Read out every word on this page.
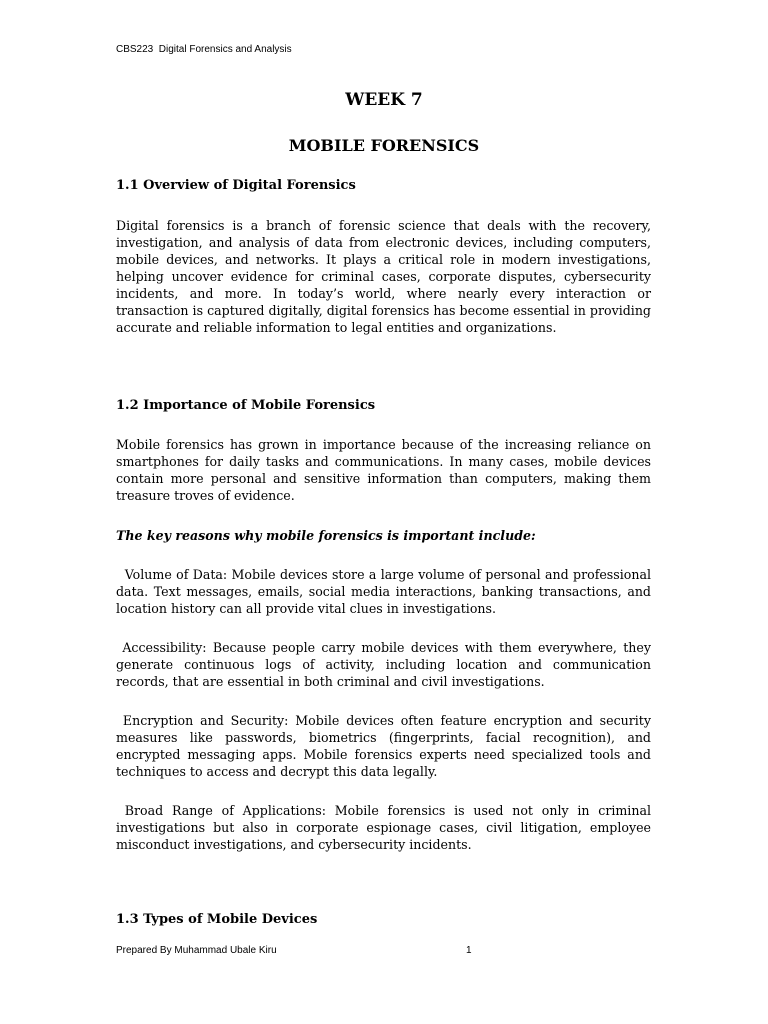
CBS223  Digital Forensics and Analysis
WEEK 7
MOBILE FORENSICS
1.1 Overview of Digital Forensics

Digital forensics is a branch of forensic science that deals with the recovery, investigation, and analysis of data from electronic devices, including computers, mobile devices, and networks. It plays a critical role in modern investigations, helping uncover evidence for criminal cases, corporate disputes, cybersecurity incidents, and more. In today’s world, where nearly every interaction or transaction is captured digitally, digital forensics has become essential in providing accurate and reliable information to legal entities and organizations.

1.2 Importance of Mobile Forensics

Mobile forensics has grown in importance because of the increasing reliance on smartphones for daily tasks and communications. In many cases, mobile devices contain more personal and sensitive information than computers, making them treasure troves of evidence.

The key reasons why mobile forensics is important include:

Volume of Data: Mobile devices store a large volume of personal and professional data. Text messages, emails, social media interactions, banking transactions, and location history can all provide vital clues in investigations.

Accessibility: Because people carry mobile devices with them everywhere, they generate continuous logs of activity, including location and communication records, that are essential in both criminal and civil investigations.

Encryption and Security: Mobile devices often feature encryption and security measures like passwords, biometrics (fingerprints, facial recognition), and encrypted messaging apps. Mobile forensics experts need specialized tools and techniques to access and decrypt this data legally.

Broad Range of Applications: Mobile forensics is used not only in criminal investigations but also in corporate espionage cases, civil litigation, employee misconduct investigations, and cybersecurity incidents.

1.3 Types of Mobile Devices
Prepared By Muhammad Ubale Kiru	1
